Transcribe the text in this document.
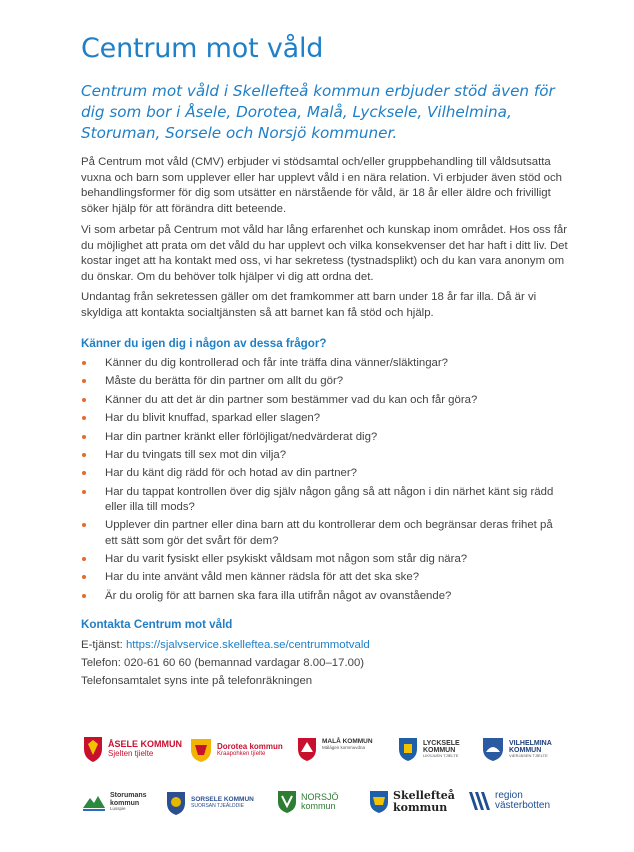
Centrum mot våld

Centrum mot våld i Skellefteå kommun erbjuder stöd även för dig som bor i Åsele, Dorotea, Malå, Lycksele, Vilhelmina, Storuman, Sorsele och Norsjö kommuner.

På Centrum mot våld (CMV) erbjuder vi stödsamtal och/eller gruppbehandling till våldsutsatta vuxna och barn som upplever eller har upplevt våld i en nära relation. Vi erbjuder även stöd och behandlingsformer för dig som utsätter en närstående för våld, är 18 år eller äldre och frivilligt söker hjälp för att förändra ditt beteende.

Vi som arbetar på Centrum mot våld har lång erfarenhet och kunskap inom området. Hos oss får du möjlighet att prata om det våld du har upplevt och vilka konsekvenser det har haft i ditt liv. Det kostar inget att ha kontakt med oss, vi har sekretess (tystnadsplikt) och du kan vara anonym om du önskar. Om du behöver tolk hjälper vi dig att ordna det.

Undantag från sekretessen gäller om det framkommer att barn under 18 år far illa. Då är vi skyldiga att kontakta socialtjänsten så att barnet kan få stöd och hjälp.

Känner du igen dig i någon av dessa frågor?
Känner du dig kontrollerad och får inte träffa dina vänner/släktingar?
Måste du berätta för din partner om allt du gör?
Känner du att det är din partner som bestämmer vad du kan och får göra?
Har du blivit knuffad, sparkad eller slagen?
Har din partner kränkt eller förlöjligat/nedvärderat dig?
Har du tvingats till sex mot din vilja?
Har du känt dig rädd för och hotad av din partner?
Har du tappat kontrollen över dig själv någon gång så att någon i din närhet känt sig rädd eller illa till mods?
Upplever din partner eller dina barn att du kontrollerar dem och begränsar deras frihet på ett sätt som gör det svårt för dem?
Har du varit fysiskt eller psykiskt våldsam mot någon som står dig nära?
Har du inte använt våld men känner rädsla för att det ska ske?
Är du orolig för att barnen ska fara illa utifrån något av ovanstående?
Kontakta Centrum mot våld
E-tjänst: https://sjalvservice.skelleftea.se/centrummotvald
Telefon: 020-61 60 60 (bemannad vardagar 8.00–17.00)
Telefonsamtalet syns inte på telefonräkningen
ÅSELE KOMMUN
Sjelten tjielte
Dorotea kommun
Kraapohken tjïelte
MALÅ KOMMUN
Málágen kommuvdna
LYCKSELE
KOMMUN
LIKSJUEN TJÏELTE
VILHELMINA
KOMMUN
VÆRJÄSEN TJÏELTE
Storumans
kommun
Lusspie
SORSELE KOMMUN
SUORSAN TJEÄLDDIE
NORSJÖ
kommun
Skellefteå
kommun
region
västerbotten
